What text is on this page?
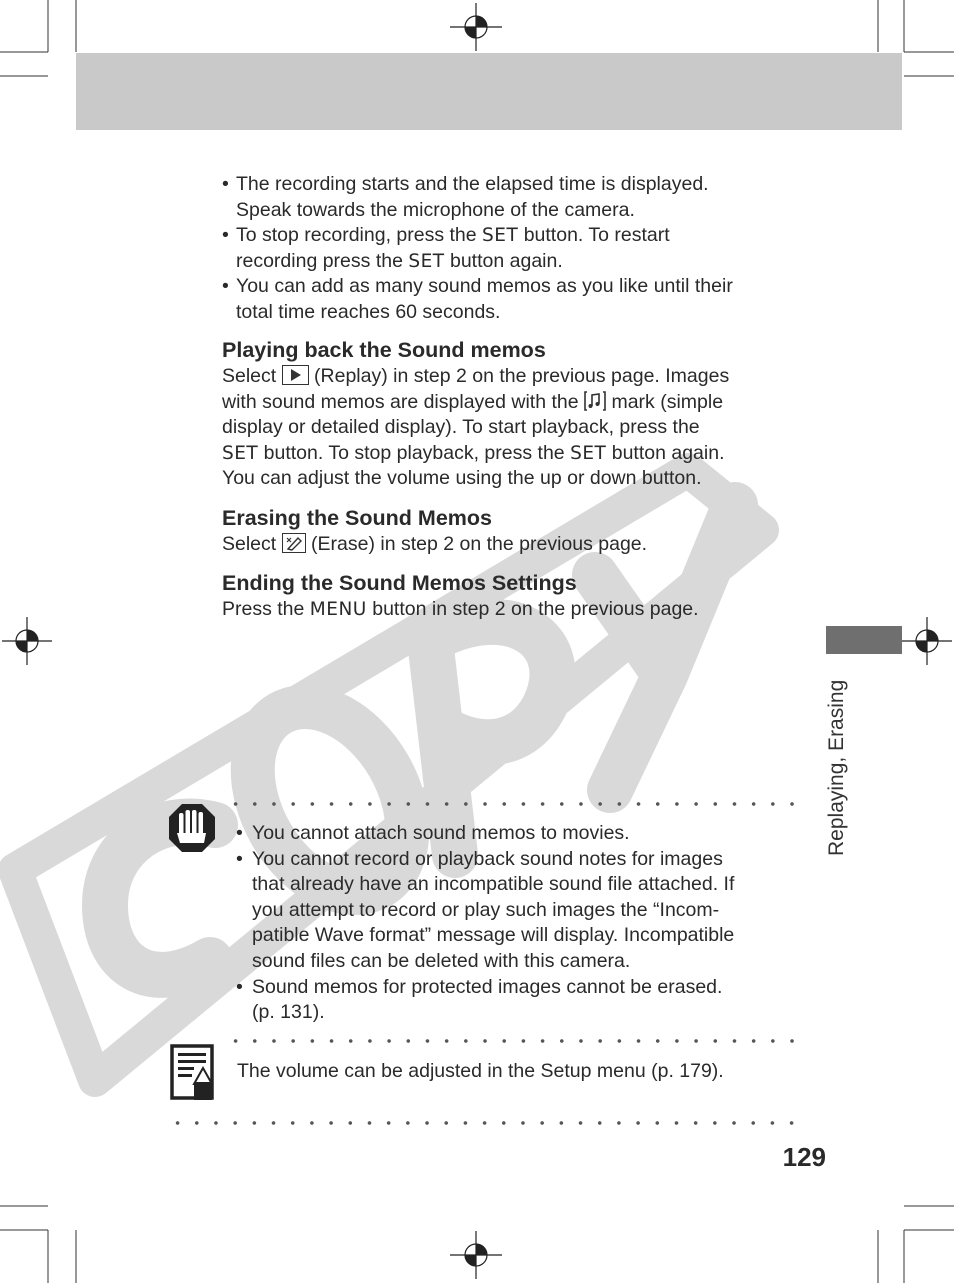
• The recording starts and the elapsed time is displayed.
Speak towards the microphone of the camera.

• To stop recording, press the SET button. To restart
recording press the SET button again.

• You can add as many sound memos as you like until their
total time reaches 60 seconds.

Playing back the Sound memos
Select
(Replay) in step 2 on the previous page. Images
with sound memos are displayed with the  mark (simple
display or detailed display). To start playback, press the
SET button. To stop playback, press the SET button again.
You can adjust the volume using the up or down button.
Erasing the Sound Memos
Select
(Erase) in step 2 on the previous page.
Ending the Sound Memos Settings
Press the MENU button in step 2 on the previous page.
Replaying, Erasing

• You cannot attach sound memos to movies.

• You cannot record or playback sound notes for images
that already have an incompatible sound file attached. If
you attempt to record or play such images the “Incom-
patible Wave format” message will display. Incompatible
sound files can be deleted with this camera.

• Sound memos for protected images cannot be erased.
(p. 131).

The volume can be adjusted in the Setup menu (p. 179).
129
